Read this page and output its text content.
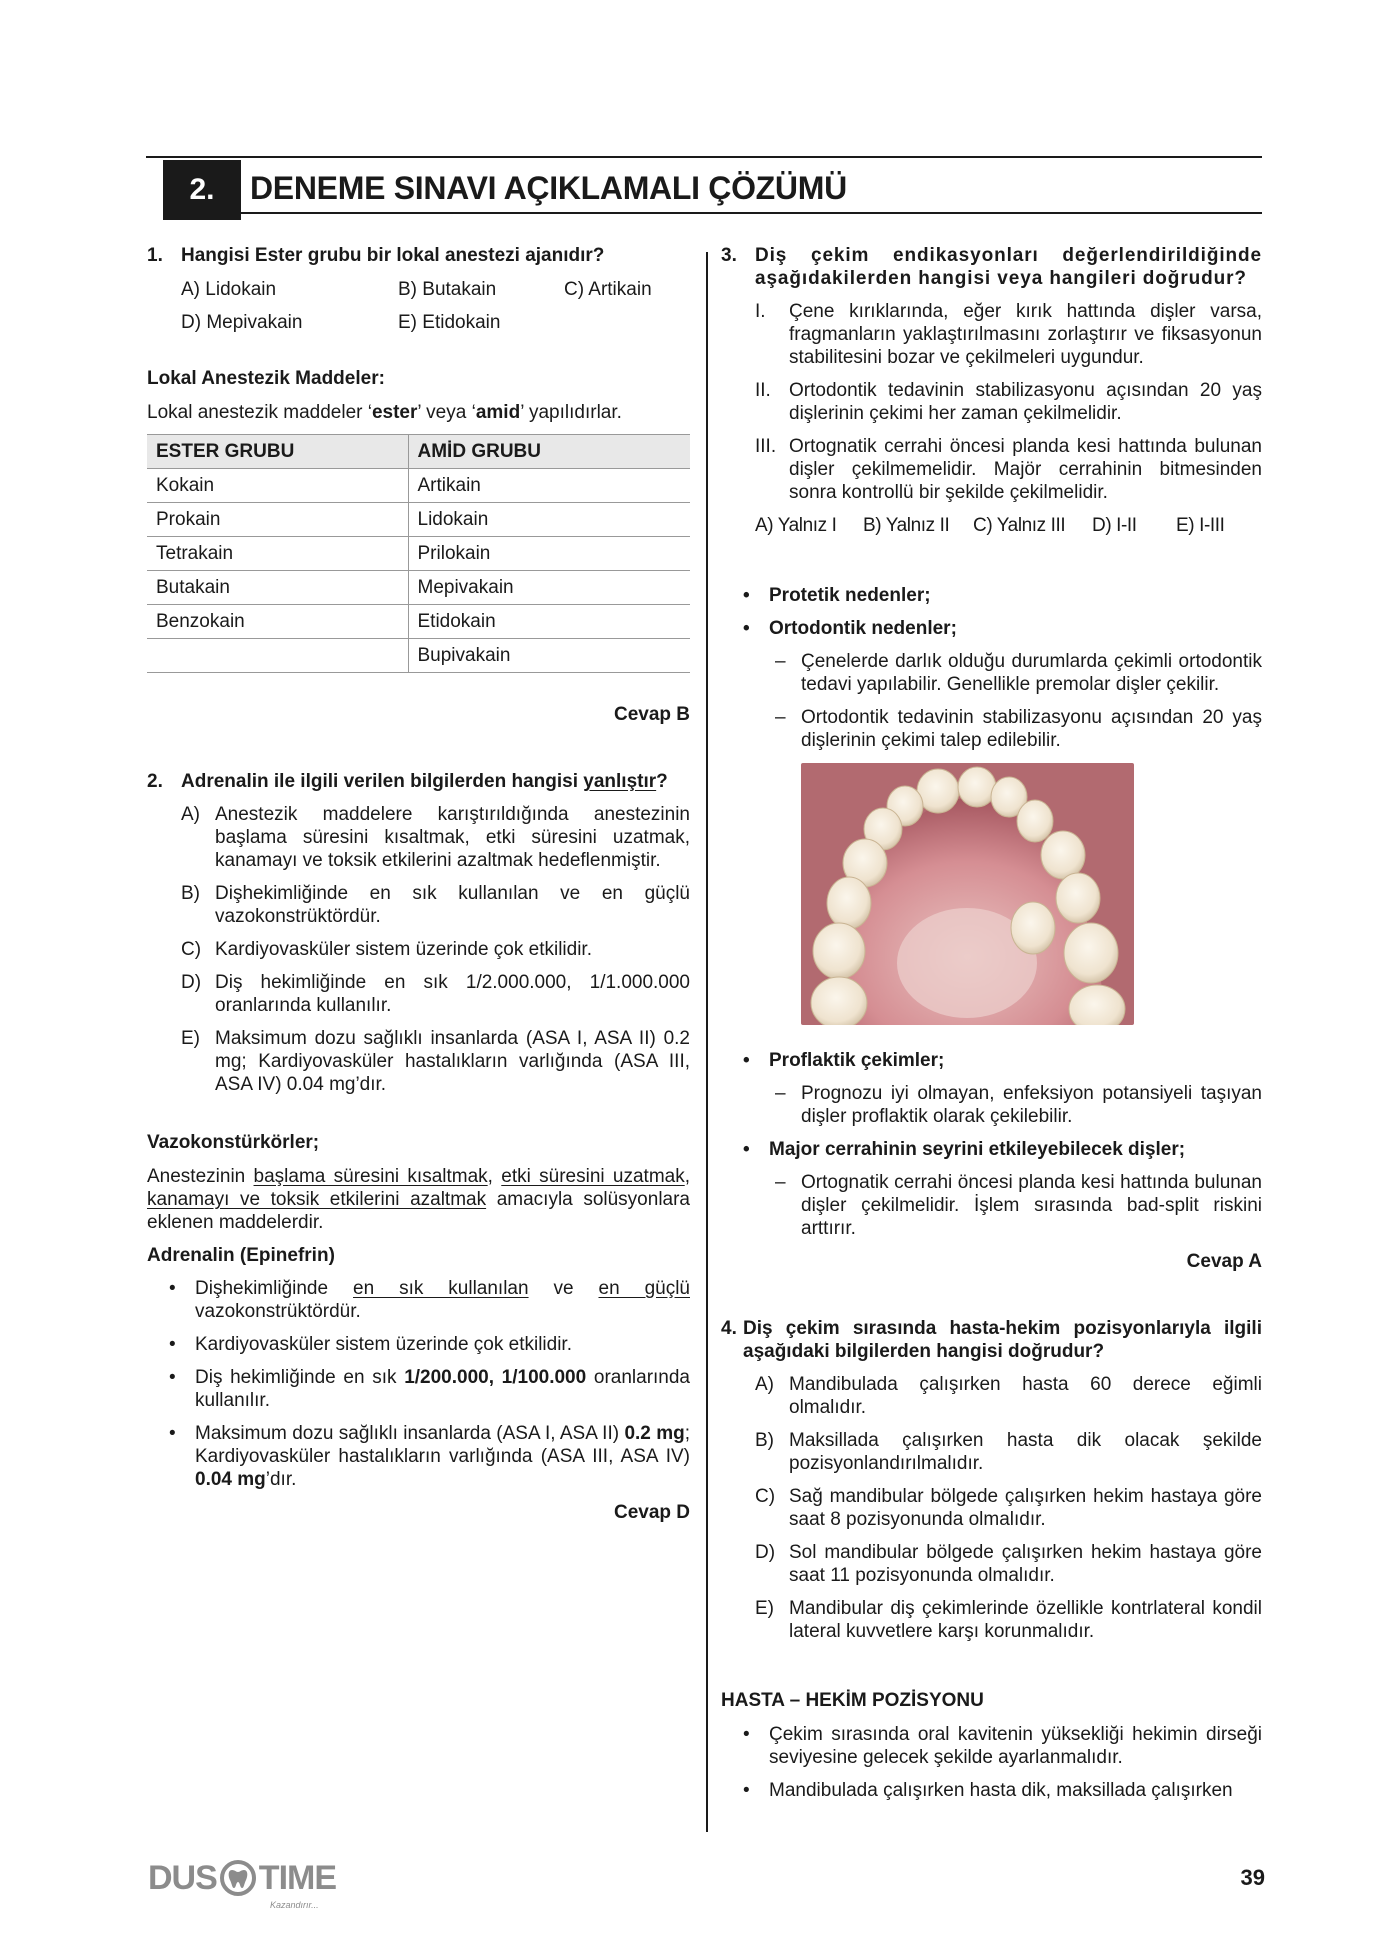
2.	DENEME SINAVI AÇIKLAMALI ÇÖZÜMÜ
1. Hangisi Ester grubu bir lokal anestezi ajanıdır?
A) Lidokain	B) Butakain	C) Artikain
D) Mepivakain	E) Etidokain
Lokal Anestezik Maddeler:
Lokal anestezik maddeler ‘ester’ veya ‘amid’ yapılıdırlar.
ESTER GRUBU	AMİD GRUBU
Kokain	Artikain
Prokain	Lidokain
Tetrakain	Prilokain
Butakain	Mepivakain
Benzokain	Etidokain
	Bupivakain
Cevap B
2. Adrenalin ile ilgili verilen bilgilerden hangisi yanlıştır?
A) Anestezik maddelere karıştırıldığında anestezinin başlama süresini kısaltmak, etki süresini uzatmak, kanamayı ve toksik etkilerini azaltmak hedeflenmiştir.
B) Dişhekimliğinde en sık kullanılan ve en güçlü vazokonstrüktördür.
C) Kardiyovasküler sistem üzerinde çok etkilidir.
D) Diş hekimliğinde en sık 1/2.000.000, 1/1.000.000 oranlarında kullanılır.
E) Maksimum dozu sağlıklı insanlarda (ASA I, ASA II) 0.2 mg; Kardiyovasküler hastalıkların varlığında (ASA III, ASA IV) 0.04 mg’dır.
Vazokonstürkörler;
Anestezinin başlama süresini kısaltmak, etki süresini uzatmak, kanamayı ve toksik etkilerini azaltmak amacıyla solüsyonlara eklenen maddelerdir.
Adrenalin (Epinefrin)
•	Dişhekimliğinde en sık kullanılan ve en güçlü vazokonstrüktördür.
•	Kardiyovasküler sistem üzerinde çok etkilidir.
•	Diş hekimliğinde en sık 1/200.000, 1/100.000 oranlarında kullanılır.
•	Maksimum dozu sağlıklı insanlarda (ASA I, ASA II) 0.2 mg; Kardiyovasküler hastalıkların varlığında (ASA III, ASA IV) 0.04 mg’dır.
Cevap D
3. Diş çekim endikasyonları değerlendirildiğinde aşağıdakilerden hangisi veya hangileri doğrudur?
I.	Çene kırıklarında, eğer kırık hattında dişler varsa, fragmanların yaklaştırılmasını zorlaştırır ve fiksasyonun stabilitesini bozar ve çekilmeleri uygundur.
II. Ortodontik tedavinin stabilizasyonu açısından 20 yaş dişlerinin çekimi her zaman çekilmelidir.
III. Ortognatik cerrahi öncesi planda kesi hattında bulunan dişler çekilmemelidir. Majör cerrahinin bitmesinden sonra kontrollü bir şekilde çekilmelidir.
A) Yalnız I	B) Yalnız II	C) Yalnız III	D) I-II	E) I-III
•	Protetik nedenler;
•	Ortodontik nedenler;
– Çenelerde darlık olduğu durumlarda çekimli ortodontik tedavi yapılabilir. Genellikle premolar dişler çekilir.
– Ortodontik tedavinin stabilizasyonu açısından 20 yaş dişlerinin çekimi talep edilebilir.
•	Proflaktik çekimler;
– Prognozu iyi olmayan, enfeksiyon potansiyeli taşıyan dişler proflaktik olarak çekilebilir.
•	Major cerrahinin seyrini etkileyebilecek dişler;
– Ortognatik cerrahi öncesi planda kesi hattında bulunan dişler çekilmelidir. İşlem sırasında bad-split riskini arttırır.
Cevap A
4. Diş çekim sırasında hasta-hekim pozisyonlarıyla ilgili aşağıdaki bilgilerden hangisi doğrudur?
A) Mandibulada çalışırken hasta 60 derece eğimli olmalıdır.
B) Maksillada çalışırken hasta dik olacak şekilde pozisyonlandırılmalıdır.
C) Sağ mandibular bölgede çalışırken hekim hastaya göre saat 8 pozisyonunda olmalıdır.
D) Sol mandibular bölgede çalışırken hekim hastaya göre saat 11 pozisyonunda olmalıdır.
E) Mandibular diş çekimlerinde özellikle kontrlateral kondil lateral kuvvetlere karşı korunmalıdır.
HASTA – HEKİM POZİSYONU
•	Çekim sırasında oral kavitenin yüksekliği hekimin dirseği seviyesine gelecek şekilde ayarlanmalıdır.
•	Mandibulada çalışırken hasta dik, maksillada çalışırken
DUS TIME
Kazandırır...
39
